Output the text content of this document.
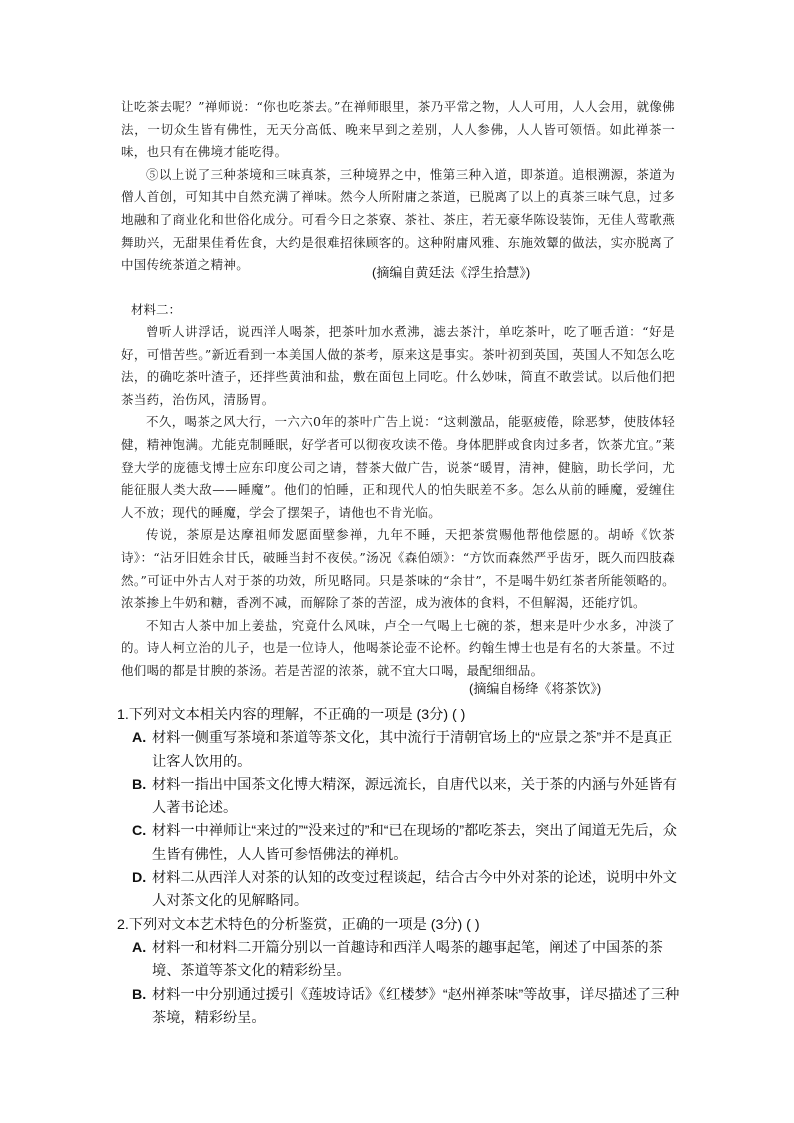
让吃茶去呢？”禅师说：“你也吃茶去。”在禅师眼里，茶乃平常之物，人人可用，人人会用，就像佛法，一切众生皆有佛性，无天分高低、晚来早到之差别，人人参佛，人人皆可领悟。如此禅茶一味，也只有在佛境才能吃得。

⑤以上说了三种茶境和三味真茶，三种境界之中，惟第三种入道，即茶道。追根溯源，茶道为僧人首创，可知其中自然充满了禅味。然今人所附庸之茶道，已脱离了以上的真茶三味气息，过多地融和了商业化和世俗化成分。可看今日之茶寮、茶社、茶庄，若无豪华陈设装饰，无佳人莺歌燕舞助兴，无甜果佳肴佐食，大约是很难招徕顾客的。这种附庸风雅、东施效颦的做法，实亦脱离了中国传统茶道之精神。

(摘编自黄廷法《浮生拾慧》)
材料二：

曾听人讲浮话，说西洋人喝茶，把茶叶加水煮沸，滤去茶汁，单吃茶叶，吃了咂舌道：“好是好，可惜苦些。”新近看到一本美国人做的茶考，原来这是事实。茶叶初到英国，英国人不知怎么吃法，的确吃茶叶渣子，还拌些黄油和盐，敷在面包上同吃。什么妙味，简直不敢尝试。以后他们把茶当药，治伤风，清肠胃。

不久，喝茶之风大行，一六六0年的茶叶广告上说：“这刺激品，能驱疲倦，除恶梦，使肢体轻健，精神饱满。尤能克制睡眠，好学者可以彻夜攻读不倦。身体肥胖或食肉过多者，饮茶尤宜。”莱登大学的庞德戈博士应东印度公司之请，替茶大做广告，说茶“暖胃，清神，健脑，助长学问，尤能征服人类大敌——睡魔”。他们的怕睡，正和现代人的怕失眠差不多。怎么从前的睡魔，爱缠住人不放；现代的睡魔，学会了摆架子，请他也不肯光临。

传说，茶原是达摩祖师发愿面壁参禅，九年不睡，天把茶赏赐他帮他偿愿的。胡峤《饮茶诗》：“沾牙旧姓余甘氏，破睡当封不夜侯。”汤况《森伯颂》：“方饮而森然严乎齿牙，既久而四肢森然。”可证中外古人对于茶的功效，所见略同。只是茶味的“余甘”，不是喝牛奶红茶者所能领略的。浓茶掺上牛奶和糖，香冽不减，而解除了茶的苦涩，成为液体的食料，不但解渴，还能疗饥。

不知古人茶中加上姜盐，究竟什么风味，卢仝一气喝上七碗的茶，想来是叶少水多，冲淡了的。诗人柯立治的儿子，也是一位诗人，他喝茶论壶不论杯。约翰生博士也是有名的大茶量。不过他们喝的都是甘腴的茶汤。若是苦涩的浓茶，就不宜大口喝，最配细细品。

(摘编自杨绛《将茶饮》)

1.下列对文本相关内容的理解，不正确的一项是 (3分) ( )

A. 材料一侧重写茶境和茶道等茶文化，其中流行于清朝官场上的“应景之茶”并不是真正让客人饮用的。

B. 材料一指出中国茶文化博大精深，源远流长，自唐代以来，关于茶的内涵与外延皆有人著书论述。

C. 材料一中禅师让“来过的”“没来过的”和“已在现场的”都吃茶去，突出了闻道无先后，众生皆有佛性，人人皆可参悟佛法的禅机。

D. 材料二从西洋人对茶的认知的改变过程谈起，结合古今中外对茶的论述，说明中外文人对茶文化的见解略同。

2.下列对文本艺术特色的分析鉴赏，正确的一项是 (3分) ( )

A. 材料一和材料二开篇分别以一首趣诗和西洋人喝茶的趣事起笔，阐述了中国茶的茶境、茶道等茶文化的精彩纷呈。

B. 材料一中分别通过援引《莲坡诗话》《红楼梦》“赵州禅茶味”等故事，详尽描述了三种茶境，精彩纷呈。
